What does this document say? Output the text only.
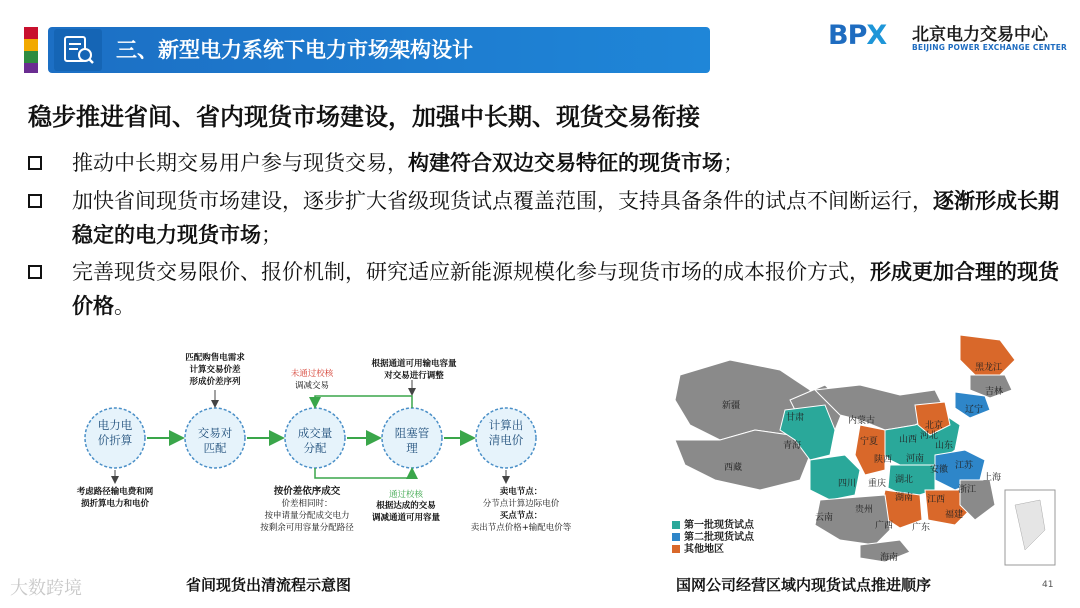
三、新型电力系统下电力市场架构设计	BPX 北京电力交易中心
BEIJING POWER EXCHANGE CENTER
稳步推进省间、省内现货市场建设，加强中长期、现货交易衔接
推动中长期交易用户参与现货交易，构建符合双边交易特征的现货市场；
加快省间现货市场建设，逐步扩大省级现货试点覆盖范围，支持具备条件的试点不间断运行，逐渐形成长期稳定的电力现货市场；
完善现货交易限价、报价机制，研究适应新能源规模化参与现货市场的成本报价方式，形成更加合理的现货价格。
电力电价折算	交易对匹配
成交量分配
阻塞管理
计算出清电价
匹配购售电需求
计算交易价差
形成价差序列
根据通道可用输电容量
对交易进行调整
未通过校核
调减交易
通过校核
考虑路径输电费和网
损折算电力和电价
按价差依序成交
价差相同时：
按申请量分配成交电力
按剩余可用容量分配路径
根据达成的交易
调减通道可用容量
卖电节点：
分节点计算边际电价
买点节点：
卖出节点价格+输配电价等
省间现货出清流程示意图
黑龙江
吉林
辽宁
北京
河北
山东
山西
河南
江苏
安徽
上海
浙江
湖北
湖南 江西
福建
陕西
甘肃
宁夏
内蒙古
新疆
青海
西藏
四川 重庆
贵州
云南
广西 广东
海南
第一批现货试点
第二批现货试点
其他地区
国网公司经营区域内现货试点推进顺序	41
大数跨境
